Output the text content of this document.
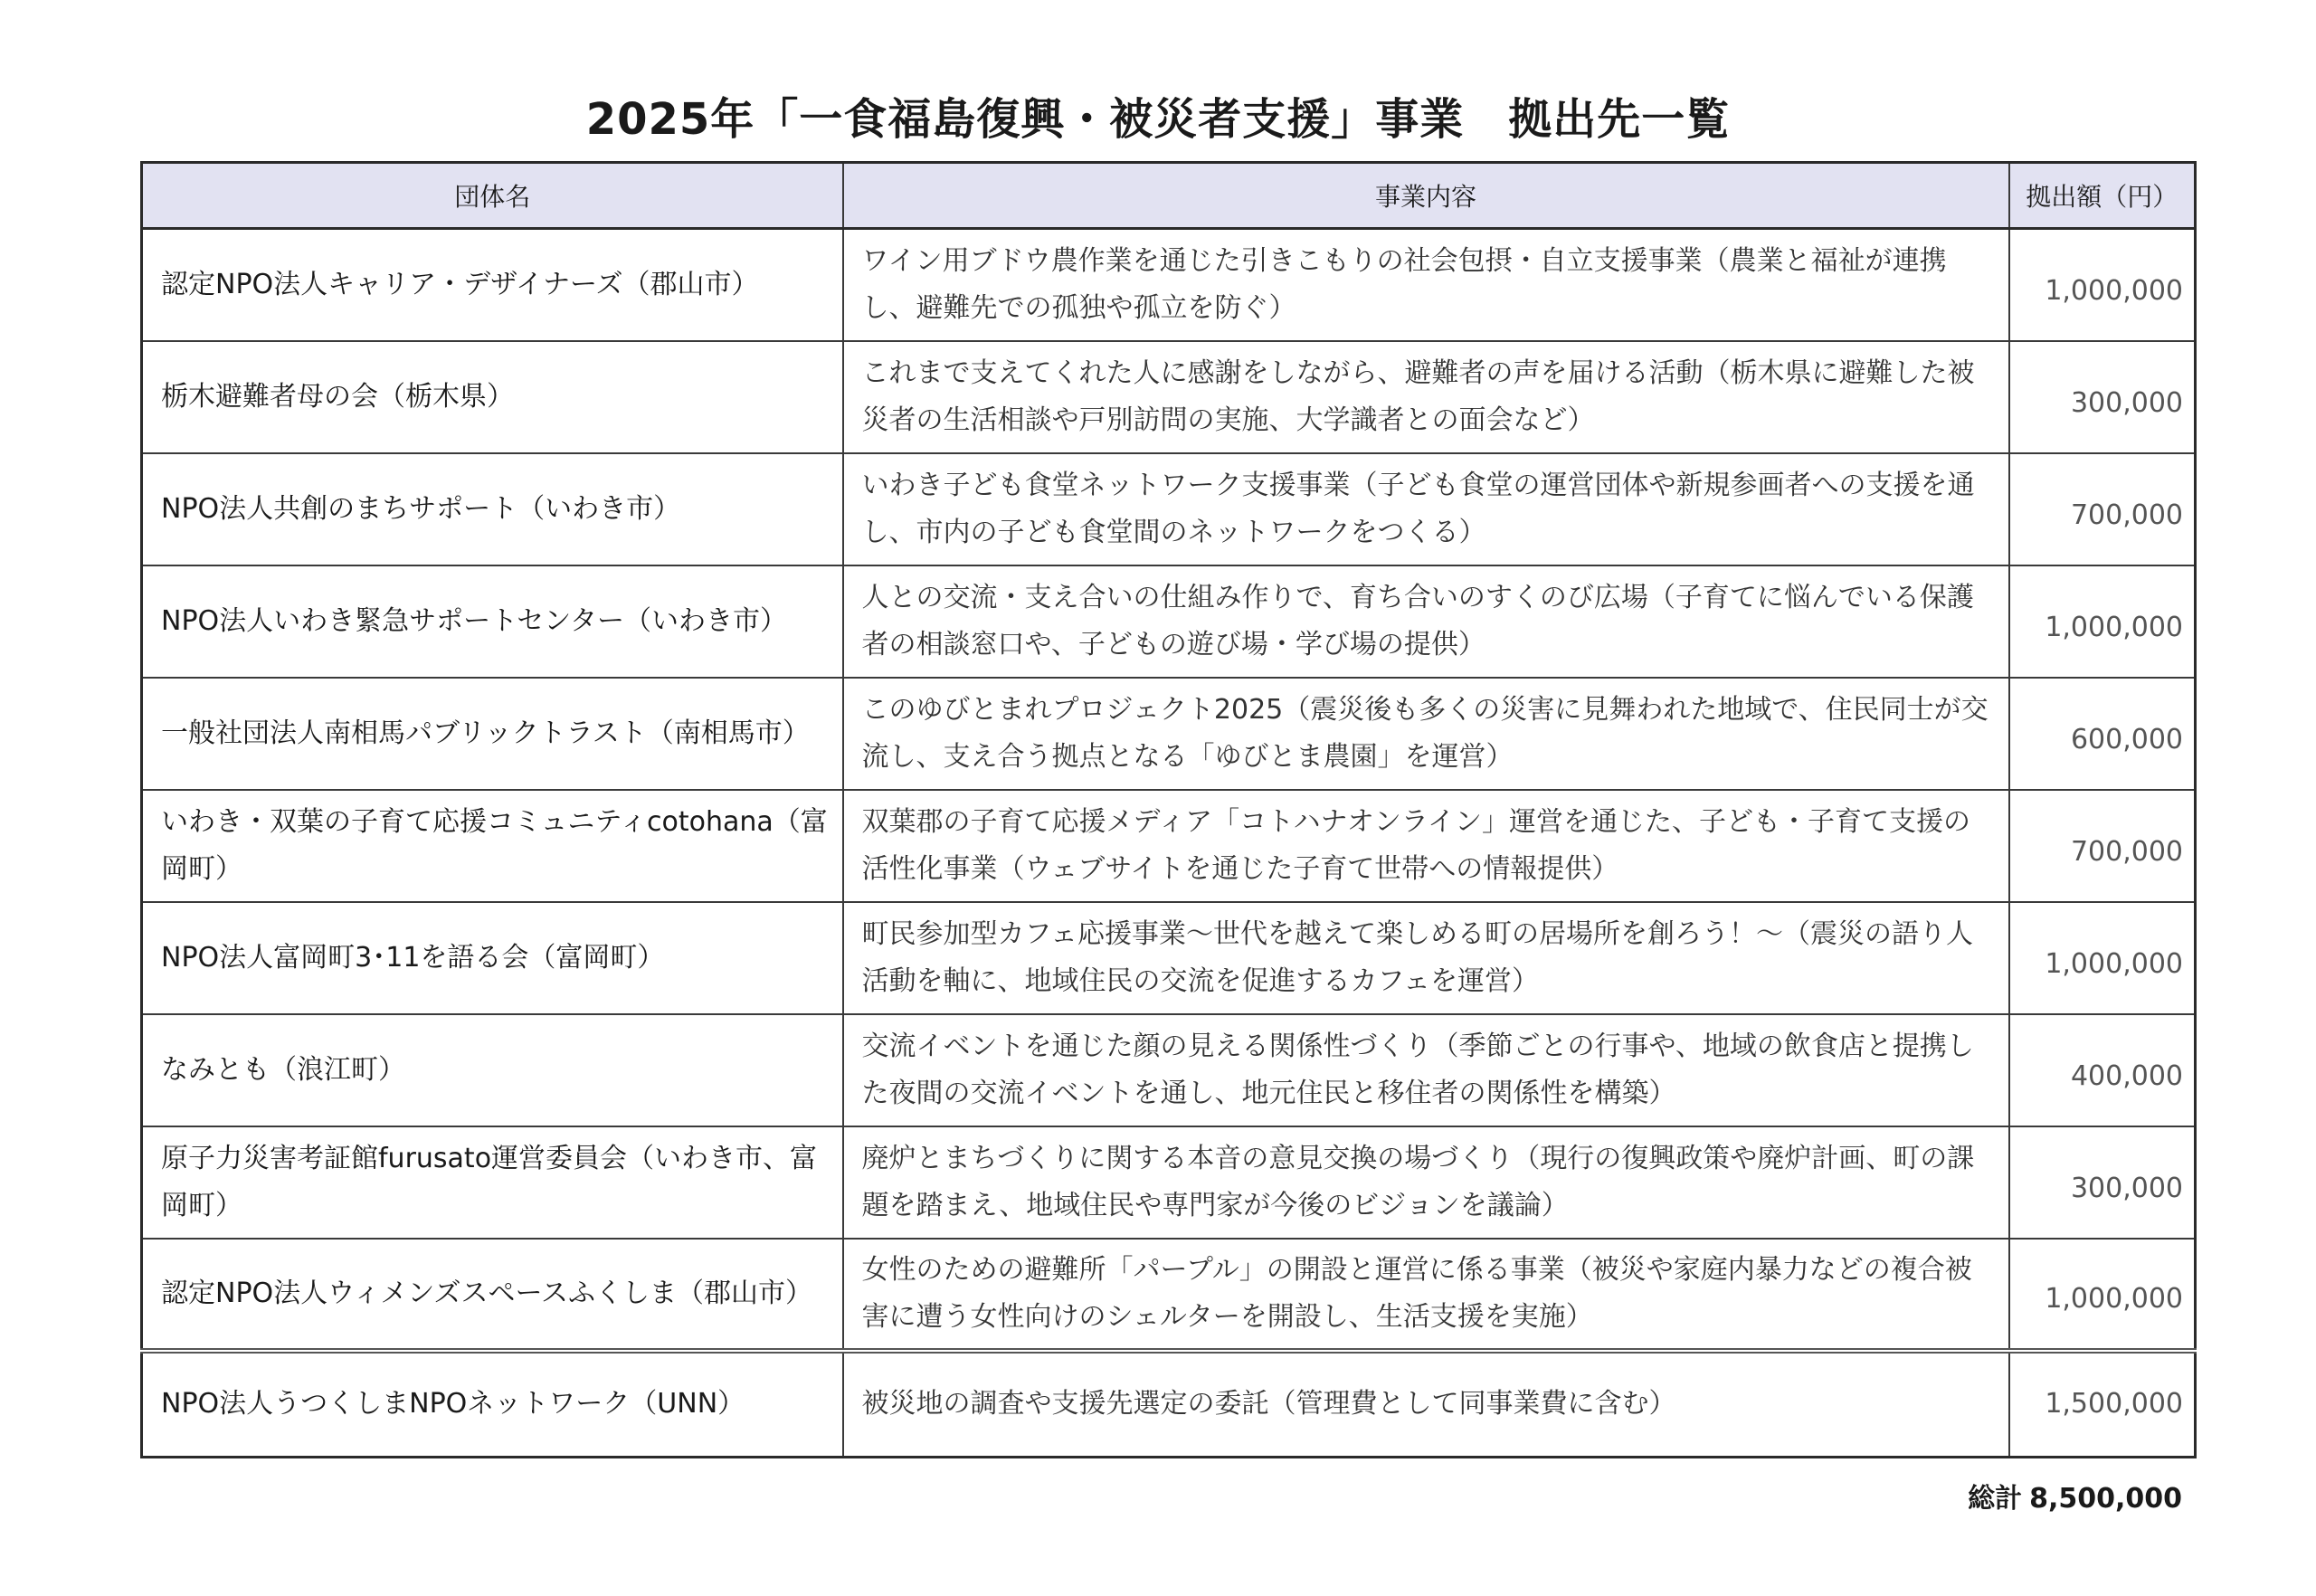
2025年「一食福島復興・被災者支援」事業　拠出先一覧
団体名	事業内容	拠出額（円）
認定NPO法人キャリア・デザイナーズ（郡山市）	ワイン用ブドウ農作業を通じた引きこもりの社会包摂・自立支援事業（農業と福祉が連携し、避難先での孤独や孤立を防ぐ）	1,000,000
栃木避難者母の会（栃木県）	これまで支えてくれた人に感謝をしながら、避難者の声を届ける活動（栃木県に避難した被災者の生活相談や戸別訪問の実施、大学識者との面会など）	300,000
NPO法人共創のまちサポート（いわき市）	いわき子ども食堂ネットワーク支援事業（子ども食堂の運営団体や新規参画者への支援を通し、市内の子ども食堂間のネットワークをつくる）	700,000
NPO法人いわき緊急サポートセンター（いわき市）	人との交流・支え合いの仕組み作りで、育ち合いのすくのび広場（子育てに悩んでいる保護者の相談窓口や、子どもの遊び場・学び場の提供）	1,000,000
一般社団法人南相馬パブリックトラスト（南相馬市）	このゆびとまれプロジェクト2025（震災後も多くの災害に見舞われた地域で、住民同士が交流し、支え合う拠点となる「ゆびとま農園」を運営）	600,000
いわき・双葉の子育て応援コミュニティcotohana（富岡町）	双葉郡の子育て応援メディア「コトハナオンライン」運営を通じた、子ども・子育て支援の活性化事業（ウェブサイトを通じた子育て世帯への情報提供）	700,000
NPO法人富岡町3･11を語る会（富岡町）	町民参加型カフェ応援事業～世代を越えて楽しめる町の居場所を創ろう！～（震災の語り人活動を軸に、地域住民の交流を促進するカフェを運営）	1,000,000
なみとも（浪江町）	交流イベントを通じた顔の見える関係性づくり（季節ごとの行事や、地域の飲食店と提携した夜間の交流イベントを通し、地元住民と移住者の関係性を構築）	400,000
原子力災害考証館furusato運営委員会（いわき市、富岡町）	廃炉とまちづくりに関する本音の意見交換の場づくり（現行の復興政策や廃炉計画、町の課題を踏まえ、地域住民や専門家が今後のビジョンを議論）	300,000
認定NPO法人ウィメンズスペースふくしま（郡山市）	女性のための避難所「パープル」の開設と運営に係る事業（被災や家庭内暴力などの複合被害に遭う女性向けのシェルターを開設し、生活支援を実施）	1,000,000
NPO法人うつくしまNPOネットワーク（UNN）	被災地の調査や支援先選定の委託（管理費として同事業費に含む）	1,500,000
総計 8,500,000
